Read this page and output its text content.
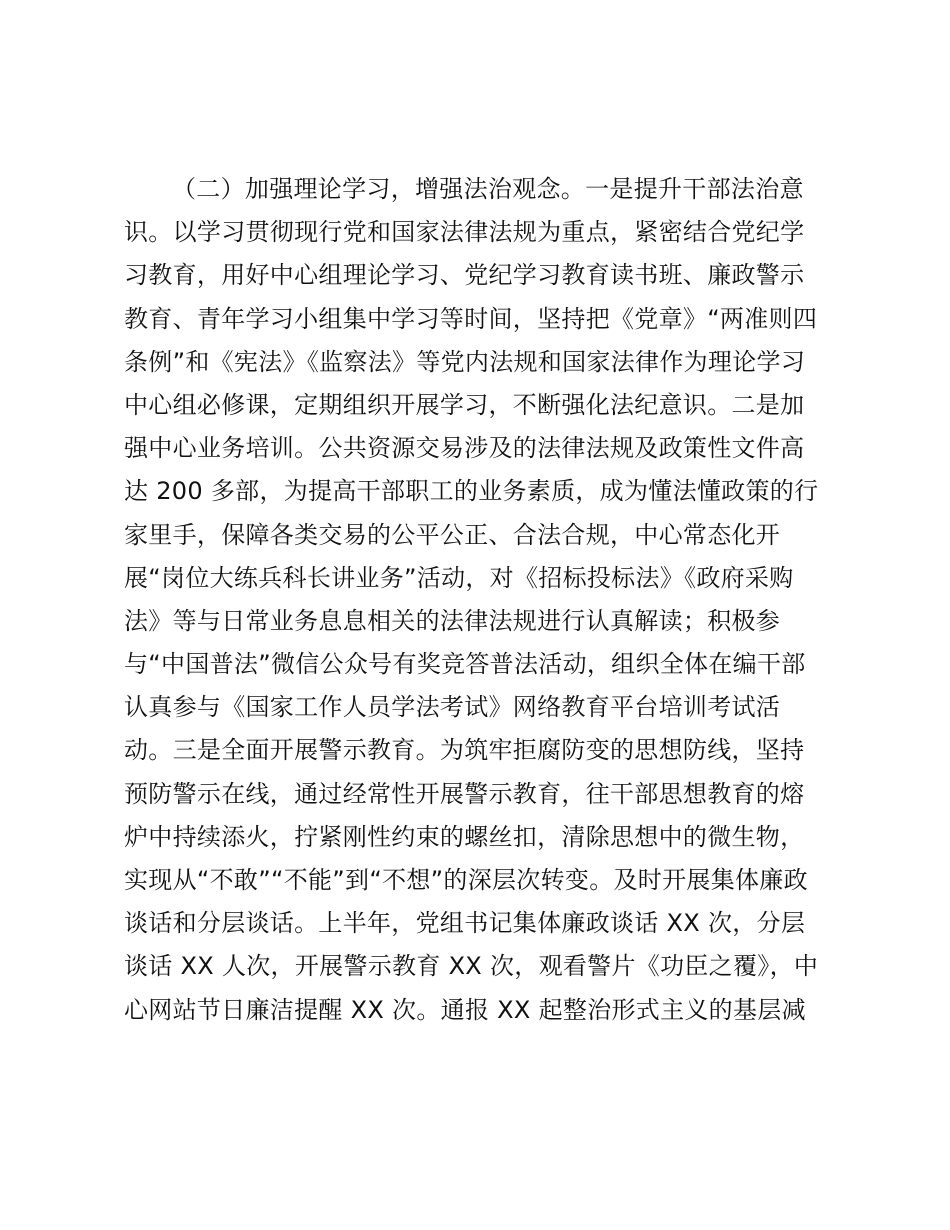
（二）加强理论学习，增强法治观念。一是提升干部法治意
识。以学习贯彻现行党和国家法律法规为重点，紧密结合党纪学
习教育，用好中心组理论学习、党纪学习教育读书班、廉政警示
教育、青年学习小组集中学习等时间，坚持把《党章》“两准则四
条例”和《宪法》《监察法》等党内法规和国家法律作为理论学习
中心组必修课，定期组织开展学习，不断强化法纪意识。二是加
强中心业务培训。公共资源交易涉及的法律法规及政策性文件高
达 200 多部，为提高干部职工的业务素质，成为懂法懂政策的行
家里手，保障各类交易的公平公正、合法合规，中心常态化开
展“岗位大练兵科长讲业务”活动，对《招标投标法》《政府采购
法》等与日常业务息息相关的法律法规进行认真解读；积极参
与“中国普法”微信公众号有奖竞答普法活动，组织全体在编干部
认真参与《国家工作人员学法考试》网络教育平台培训考试活
动。三是全面开展警示教育。为筑牢拒腐防变的思想防线，坚持
预防警示在线，通过经常性开展警示教育，往干部思想教育的熔
炉中持续添火，拧紧刚性约束的螺丝扣，清除思想中的微生物，
实现从“不敢”“不能”到“不想”的深层次转变。及时开展集体廉政
谈话和分层谈话。上半年，党组书记集体廉政谈话 XX 次，分层
谈话 XX 人次，开展警示教育 XX 次，观看警片《功臣之覆》，中
心网站节日廉洁提醒 XX 次。通报 XX 起整治形式主义的基层减
